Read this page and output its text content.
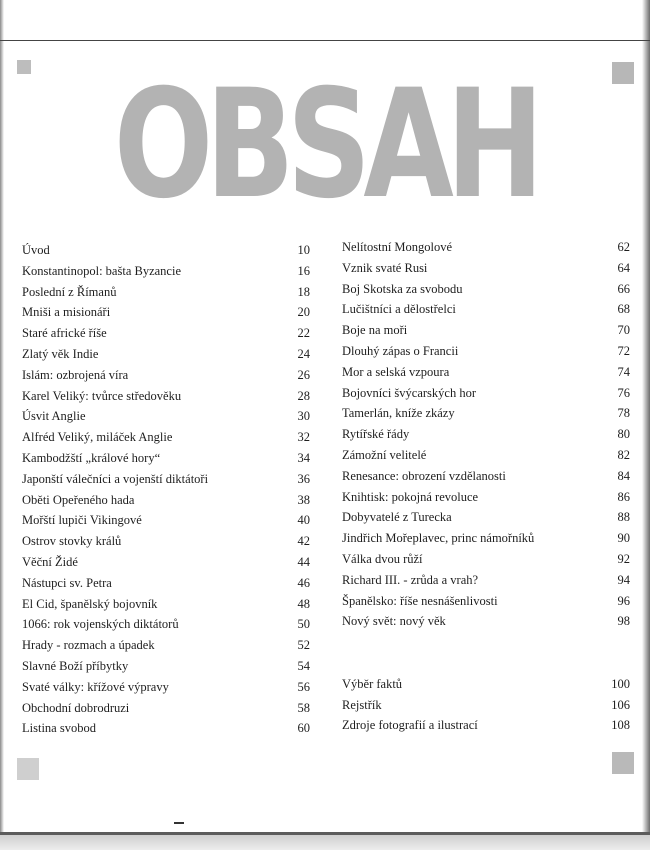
OBSAH
Úvod	10
Konstantinopol: bašta Byzancie	16
Poslední z Římanů	18
Mniši a misionáři	20
Staré africké říše	22
Zlatý věk Indie	24
Islám: ozbrojená víra	26
Karel Veliký: tvůrce středověku	28
Úsvit Anglie	30
Alfréd Veliký, miláček Anglie	32
Kambodžští „králové hory“	34
Japonští válečníci a vojenští diktátoři	36
Oběti Opeřeného hada	38
Mořští lupiči Vikingové	40
Ostrov stovky králů	42
Věční Židé	44
Nástupci sv. Petra	46
El Cid, španělský bojovník	48
1066: rok vojenských diktátorů	50
Hrady - rozmach a úpadek	52
Slavné Boží příbytky	54
Svaté války: křížové výpravy	56
Obchodní dobrodruzi	58
Listina svobod	60
Nelítostní Mongolové	62
Vznik svaté Rusi	64
Boj Skotska za svobodu	66
Lučištníci a dělostřelci	68
Boje na moři	70
Dlouhý zápas o Francii	72
Mor a selská vzpoura	74
Bojovníci švýcarských hor	76
Tamerlán, kníže zkázy	78
Rytířské řády	80
Zámožní velitelé	82
Renesance: obrození vzdělanosti	84
Knihtisk: pokojná revoluce	86
Dobyvatelé z Turecka	88
Jindřich Mořeplavec, princ námořníků	90
Válka dvou růží	92
Richard III. - zrůda a vrah?	94
Španělsko: říše nesnášenlivosti	96
Nový svět: nový věk	98
Výběr faktů	100
Rejstřík	106
Zdroje fotografií a ilustrací	108
